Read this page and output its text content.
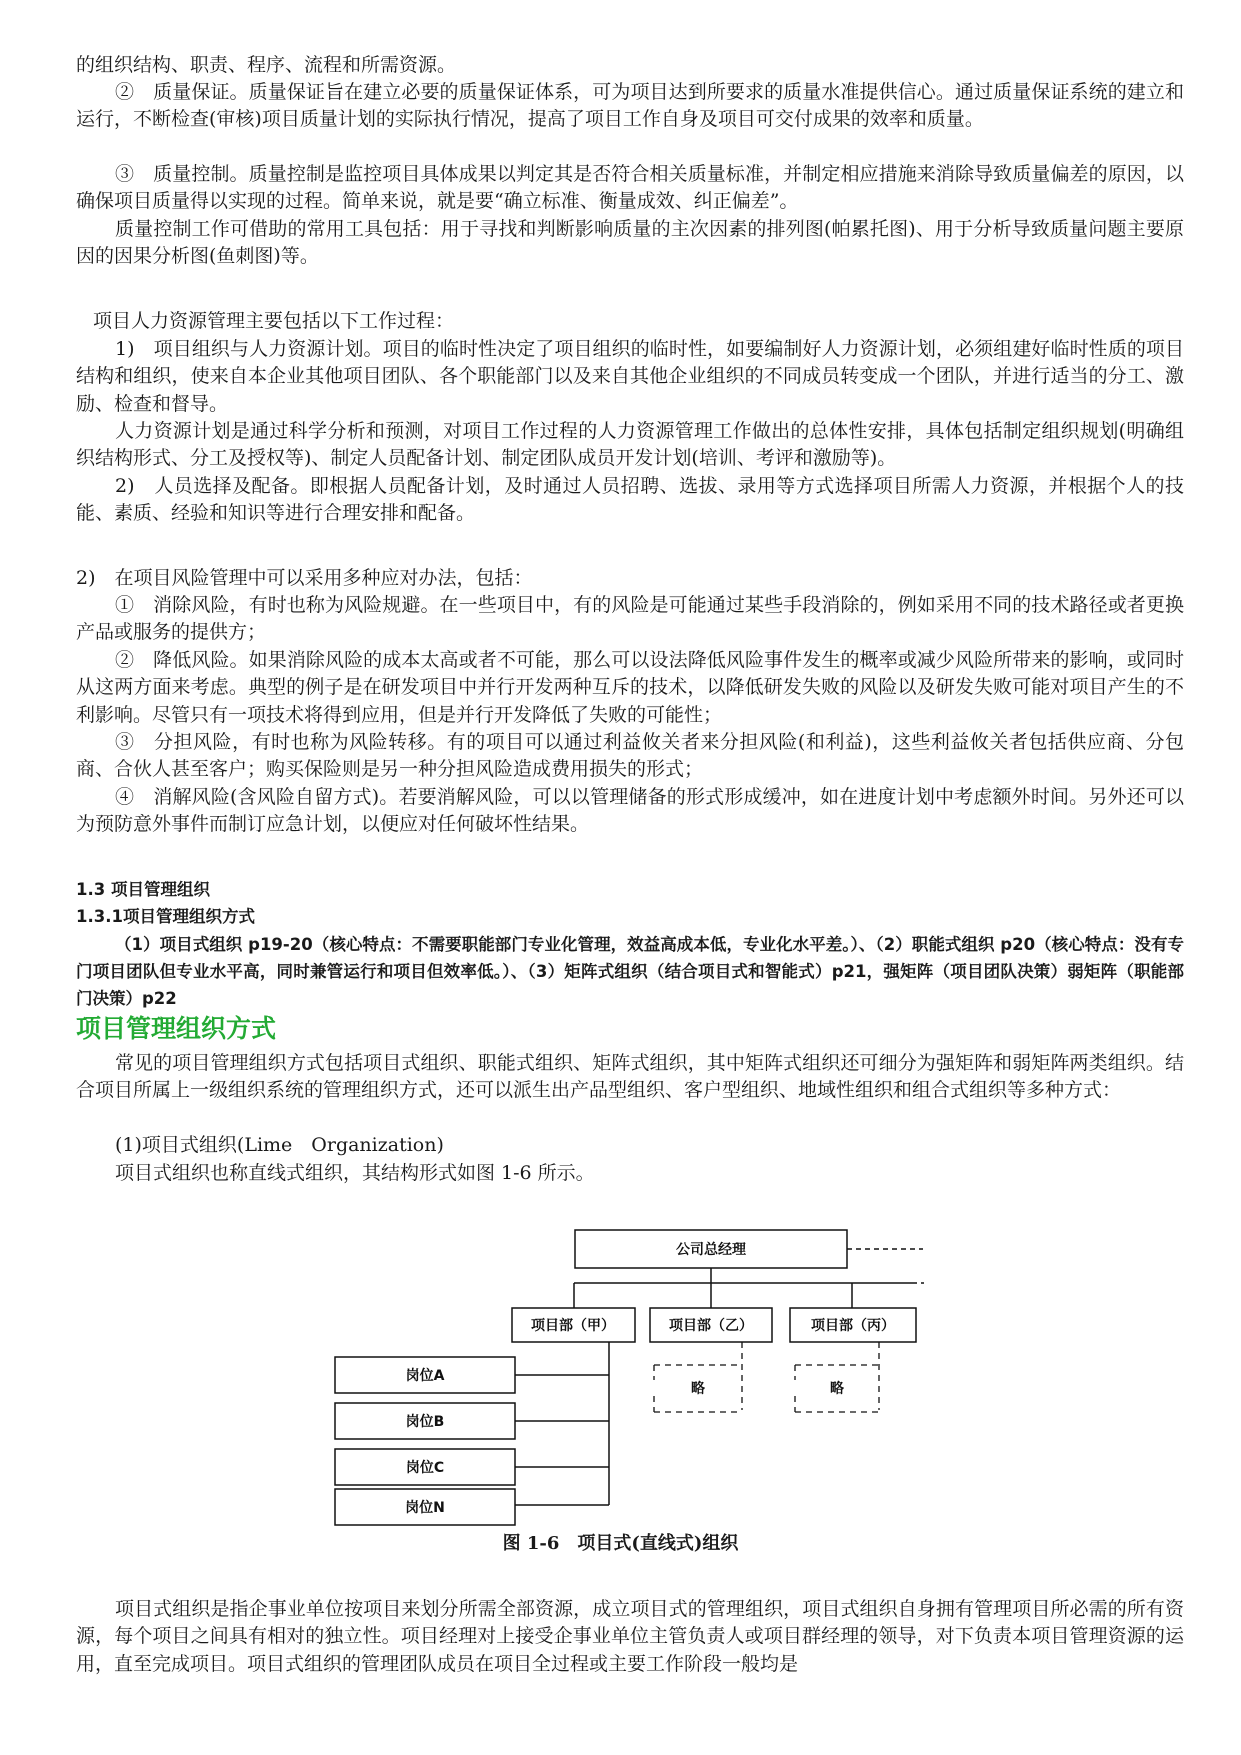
的组织结构、职责、程序、流程和所需资源。

②　质量保证。质量保证旨在建立必要的质量保证体系，可为项目达到所要求的质量水准提供信心。通过质量保证系统的建立和运行，不断检查(审核)项目质量计划的实际执行情况，提高了项目工作自身及项目可交付成果的效率和质量。

③　质量控制。质量控制是监控项目具体成果以判定其是否符合相关质量标准，并制定相应措施来消除导致质量偏差的原因，以确保项目质量得以实现的过程。简单来说，就是要“确立标准、衡量成效、纠正偏差”。

质量控制工作可借助的常用工具包括：用于寻找和判断影响质量的主次因素的排列图(帕累托图)、用于分析导致质量问题主要原因的因果分析图(鱼刺图)等。

项目人力资源管理主要包括以下工作过程：

1)　项目组织与人力资源计划。项目的临时性决定了项目组织的临时性，如要编制好人力资源计划，必须组建好临时性质的项目结构和组织，使来自本企业其他项目团队、各个职能部门以及来自其他企业组织的不同成员转变成一个团队，并进行适当的分工、激励、检查和督导。

人力资源计划是通过科学分析和预测，对项目工作过程的人力资源管理工作做出的总体性安排，具体包括制定组织规划(明确组织结构形式、分工及授权等)、制定人员配备计划、制定团队成员开发计划(培训、考评和激励等)。

2)　人员选择及配备。即根据人员配备计划，及时通过人员招聘、选拔、录用等方式选择项目所需人力资源，并根据个人的技能、素质、经验和知识等进行合理安排和配备。

2)　在项目风险管理中可以采用多种应对办法，包括：

①　消除风险，有时也称为风险规避。在一些项目中，有的风险是可能通过某些手段消除的，例如采用不同的技术路径或者更换产品或服务的提供方；

②　降低风险。如果消除风险的成本太高或者不可能，那么可以设法降低风险事件发生的概率或减少风险所带来的影响，或同时从这两方面来考虑。典型的例子是在研发项目中并行开发两种互斥的技术，以降低研发失败的风险以及研发失败可能对项目产生的不利影响。尽管只有一项技术将得到应用，但是并行开发降低了失败的可能性；

③　分担风险，有时也称为风险转移。有的项目可以通过利益攸关者来分担风险(和利益)，这些利益攸关者包括供应商、分包商、合伙人甚至客户；购买保险则是另一种分担风险造成费用损失的形式；

④　消解风险(含风险自留方式)。若要消解风险，可以以管理储备的形式形成缓冲，如在进度计划中考虑额外时间。另外还可以为预防意外事件而制订应急计划，以便应对任何破坏性结果。

1.3 项目管理组织

1.3.1项目管理组织方式

（1）项目式组织 p19-20（核心特点：不需要职能部门专业化管理，效益高成本低，专业化水平差。）、（2）职能式组织 p20（核心特点：没有专门项目团队但专业水平高，同时兼管运行和项目但效率低。）、（3）矩阵式组织（结合项目式和智能式）p21，强矩阵（项目团队决策）弱矩阵（职能部门决策）p22

项目管理组织方式

常见的项目管理组织方式包括项目式组织、职能式组织、矩阵式组织，其中矩阵式组织还可细分为强矩阵和弱矩阵两类组织。结合项目所属上一级组织系统的管理组织方式，还可以派生出产品型组织、客户型组织、地域性组织和组合式组织等多种方式：

(1)项目式组织(Lime　Organization)

项目式组织也称直线式组织，其结构形式如图 1-6 所示。

公司总经理
项目部（甲）	项目部（乙）	项目部（丙）
岗位A
岗位B
岗位C
岗位N
略	略
图 1-6　项目式(直线式)组织

项目式组织是指企事业单位按项目来划分所需全部资源，成立项目式的管理组织，项目式组织自身拥有管理项目所必需的所有资源，每个项目之间具有相对的独立性。项目经理对上接受企事业单位主管负责人或项目群经理的领导，对下负责本项目管理资源的运用，直至完成项目。项目式组织的管理团队成员在项目全过程或主要工作阶段一般均是
